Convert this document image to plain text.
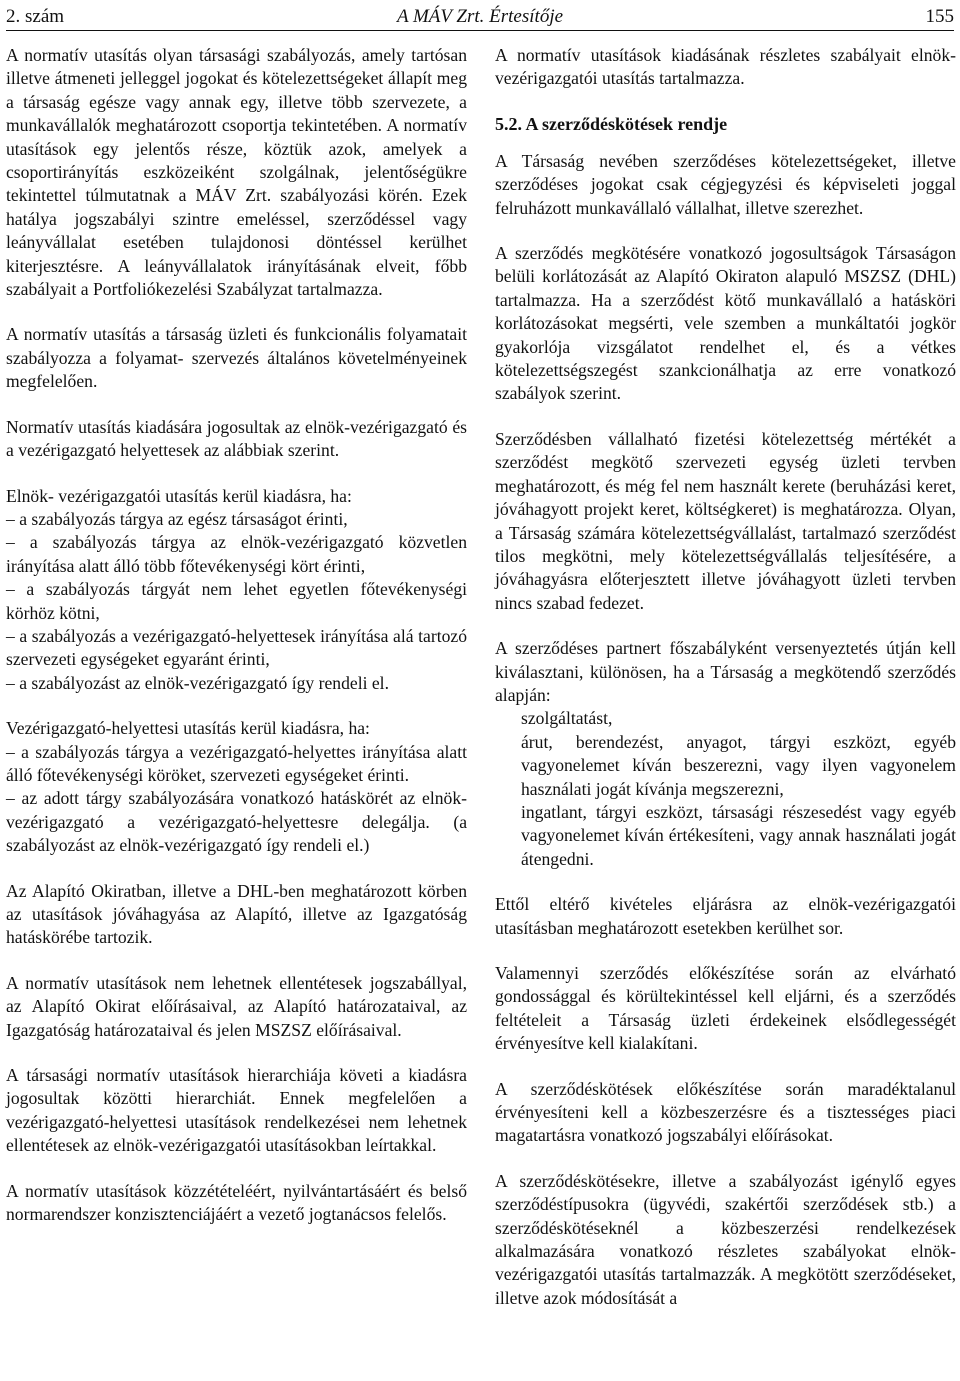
2. szám	A MÁV Zrt. Értesítője	155

A normatív utasítás olyan társasági szabályozás, amely tartósan illetve átmeneti jelleggel jogokat és kötelezettségeket állapít meg a társaság egésze vagy annak egy, illetve több szervezete, a munkavállalók meghatározott csoportja tekintetében. A normatív utasítások egy jelentős része, köztük azok, amelyek a csoportirányítás eszközeiként szolgálnak, jelentőségükre tekintettel túlmutatnak a MÁV Zrt. szabályozási körén. Ezek hatálya jogszabályi szintre emeléssel, szerződéssel vagy leányvállalat esetében tulajdonosi döntéssel kerülhet kiterjesztésre. A leányvállalatok irányításának elveit, főbb szabályait a Portfoliókezelési Szabályzat tartalmazza.

A normatív utasítás a társaság üzleti és funkcionális folyamatait szabályozza a folyamat- szervezés általános követelményeinek megfelelően.

Normatív utasítás kiadására jogosultak az elnök-vezérigazgató és a vezérigazgató helyettesek az alábbiak szerint.

Elnök- vezérigazgatói utasítás kerül kiadásra, ha:
– a szabályozás tárgya az egész társaságot érinti,
– a szabályozás tárgya az elnök-vezérigazgató közvetlen irányítása alatt álló több főtevékenységi kört érinti,
– a szabályozás tárgyát nem lehet egyetlen főtevékenységi körhöz kötni,
– a szabályozás a vezérigazgató-helyettesek irányítása alá tartozó szervezeti egységeket egyaránt érinti,
– a szabályozást az elnök-vezérigazgató így rendeli el.
Vezérigazgató-helyettesi utasítás kerül kiadásra, ha:
– a szabályozás tárgya a vezérigazgató-helyettes irányítása alatt álló főtevékenységi köröket, szervezeti egységeket érinti.
– az adott tárgy szabályozására vonatkozó hatáskörét az elnök-vezérigazgató a vezérigazgató-helyettesre delegálja. (a szabályozást az elnök-vezérigazgató így rendeli el.)

Az Alapító Okiratban, illetve a DHL-ben meghatározott körben az utasítások jóváhagyása az Alapító, illetve az Igazgatóság hatáskörébe tartozik.

A normatív utasítások nem lehetnek ellentétesek jogszabállyal, az Alapító Okirat előírásaival, az Alapító határozataival, az Igazgatóság határozataival és jelen MSZSZ előírásaival.

A társasági normatív utasítások hierarchiája követi a kiadásra jogosultak közötti hierarchiát. Ennek megfelelően a vezérigazgató-helyettesi utasítások rendelkezései nem lehetnek ellentétesek az elnök-vezérigazgatói utasításokban leírtakkal.

A normatív utasítások közzétételéért, nyilvántartásáért és belső normarendszer konzisztenciájáért a vezető jogtanácsos felelős.

A normatív utasítások kiadásának részletes szabályait elnök-vezérigazgatói utasítás tartalmazza.

5.2. A szerződéskötések rendje

A Társaság nevében szerződéses kötelezettségeket, illetve szerződéses jogokat csak cégjegyzési és képviseleti joggal felruházott munkavállaló vállalhat, illetve szerezhet.

A szerződés megkötésére vonatkozó jogosultságok Társaságon belüli korlátozását az Alapító Okiraton alapuló MSZSZ (DHL) tartalmazza. Ha a szerződést kötő munkavállaló a hatásköri korlátozásokat megsérti, vele szemben a munkáltatói jogkör gyakorlója vizsgálatot rendelhet el, és a vétkes kötelezettségszegést szankcionálhatja az erre vonatkozó szabályok szerint.

Szerződésben vállalható fizetési kötelezettség mértékét a szerződést megkötő szervezeti egység üzleti tervben meghatározott, és még fel nem használt kerete (beruházási keret, jóváhagyott projekt keret, költségkeret) is meghatározza. Olyan, a Társaság számára kötelezettségvállalást, tartalmazó szerződést tilos megkötni, mely kötelezettségvállalás teljesítésére, a jóváhagyásra előterjesztett illetve jóváhagyott üzleti tervben nincs szabad fedezet.

A szerződéses partnert főszabályként versenyeztetés útján kell kiválasztani, különösen, ha a Társaság a megkötendő szerződés alapján:

szolgáltatást,
árut, berendezést, anyagot, tárgyi eszközt, egyéb vagyonelemet kíván beszerezni, vagy ilyen vagyonelem használati jogát kívánja megszerezni,
ingatlant, tárgyi eszközt, társasági részesedést vagy egyéb vagyonelemet kíván értékesíteni, vagy annak használati jogát átengedni.

Ettől eltérő kivételes eljárásra az elnök-vezérigazgatói utasításban meghatározott esetekben kerülhet sor.

Valamennyi szerződés előkészítése során az elvárható gondossággal és körültekintéssel kell eljárni, és a szerződés feltételeit a Társaság üzleti érdekeinek elsődlegességét érvényesítve kell kialakítani.

A szerződéskötések előkészítése során maradéktalanul érvényesíteni kell a közbeszerzésre és a tisztességes piaci magatartásra vonatkozó jogszabályi előírásokat.

A szerződéskötésekre, illetve a szabályozást igénylő egyes szerződéstípusokra (ügyvédi, szakértői szerződések stb.) a szerződéskötéseknél a közbeszerzési rendelkezések alkalmazására vonatkozó részletes szabályokat elnök-vezérigazgatói utasítás tartalmazzák. A megkötött szerződéseket, illetve azok módosítását a
